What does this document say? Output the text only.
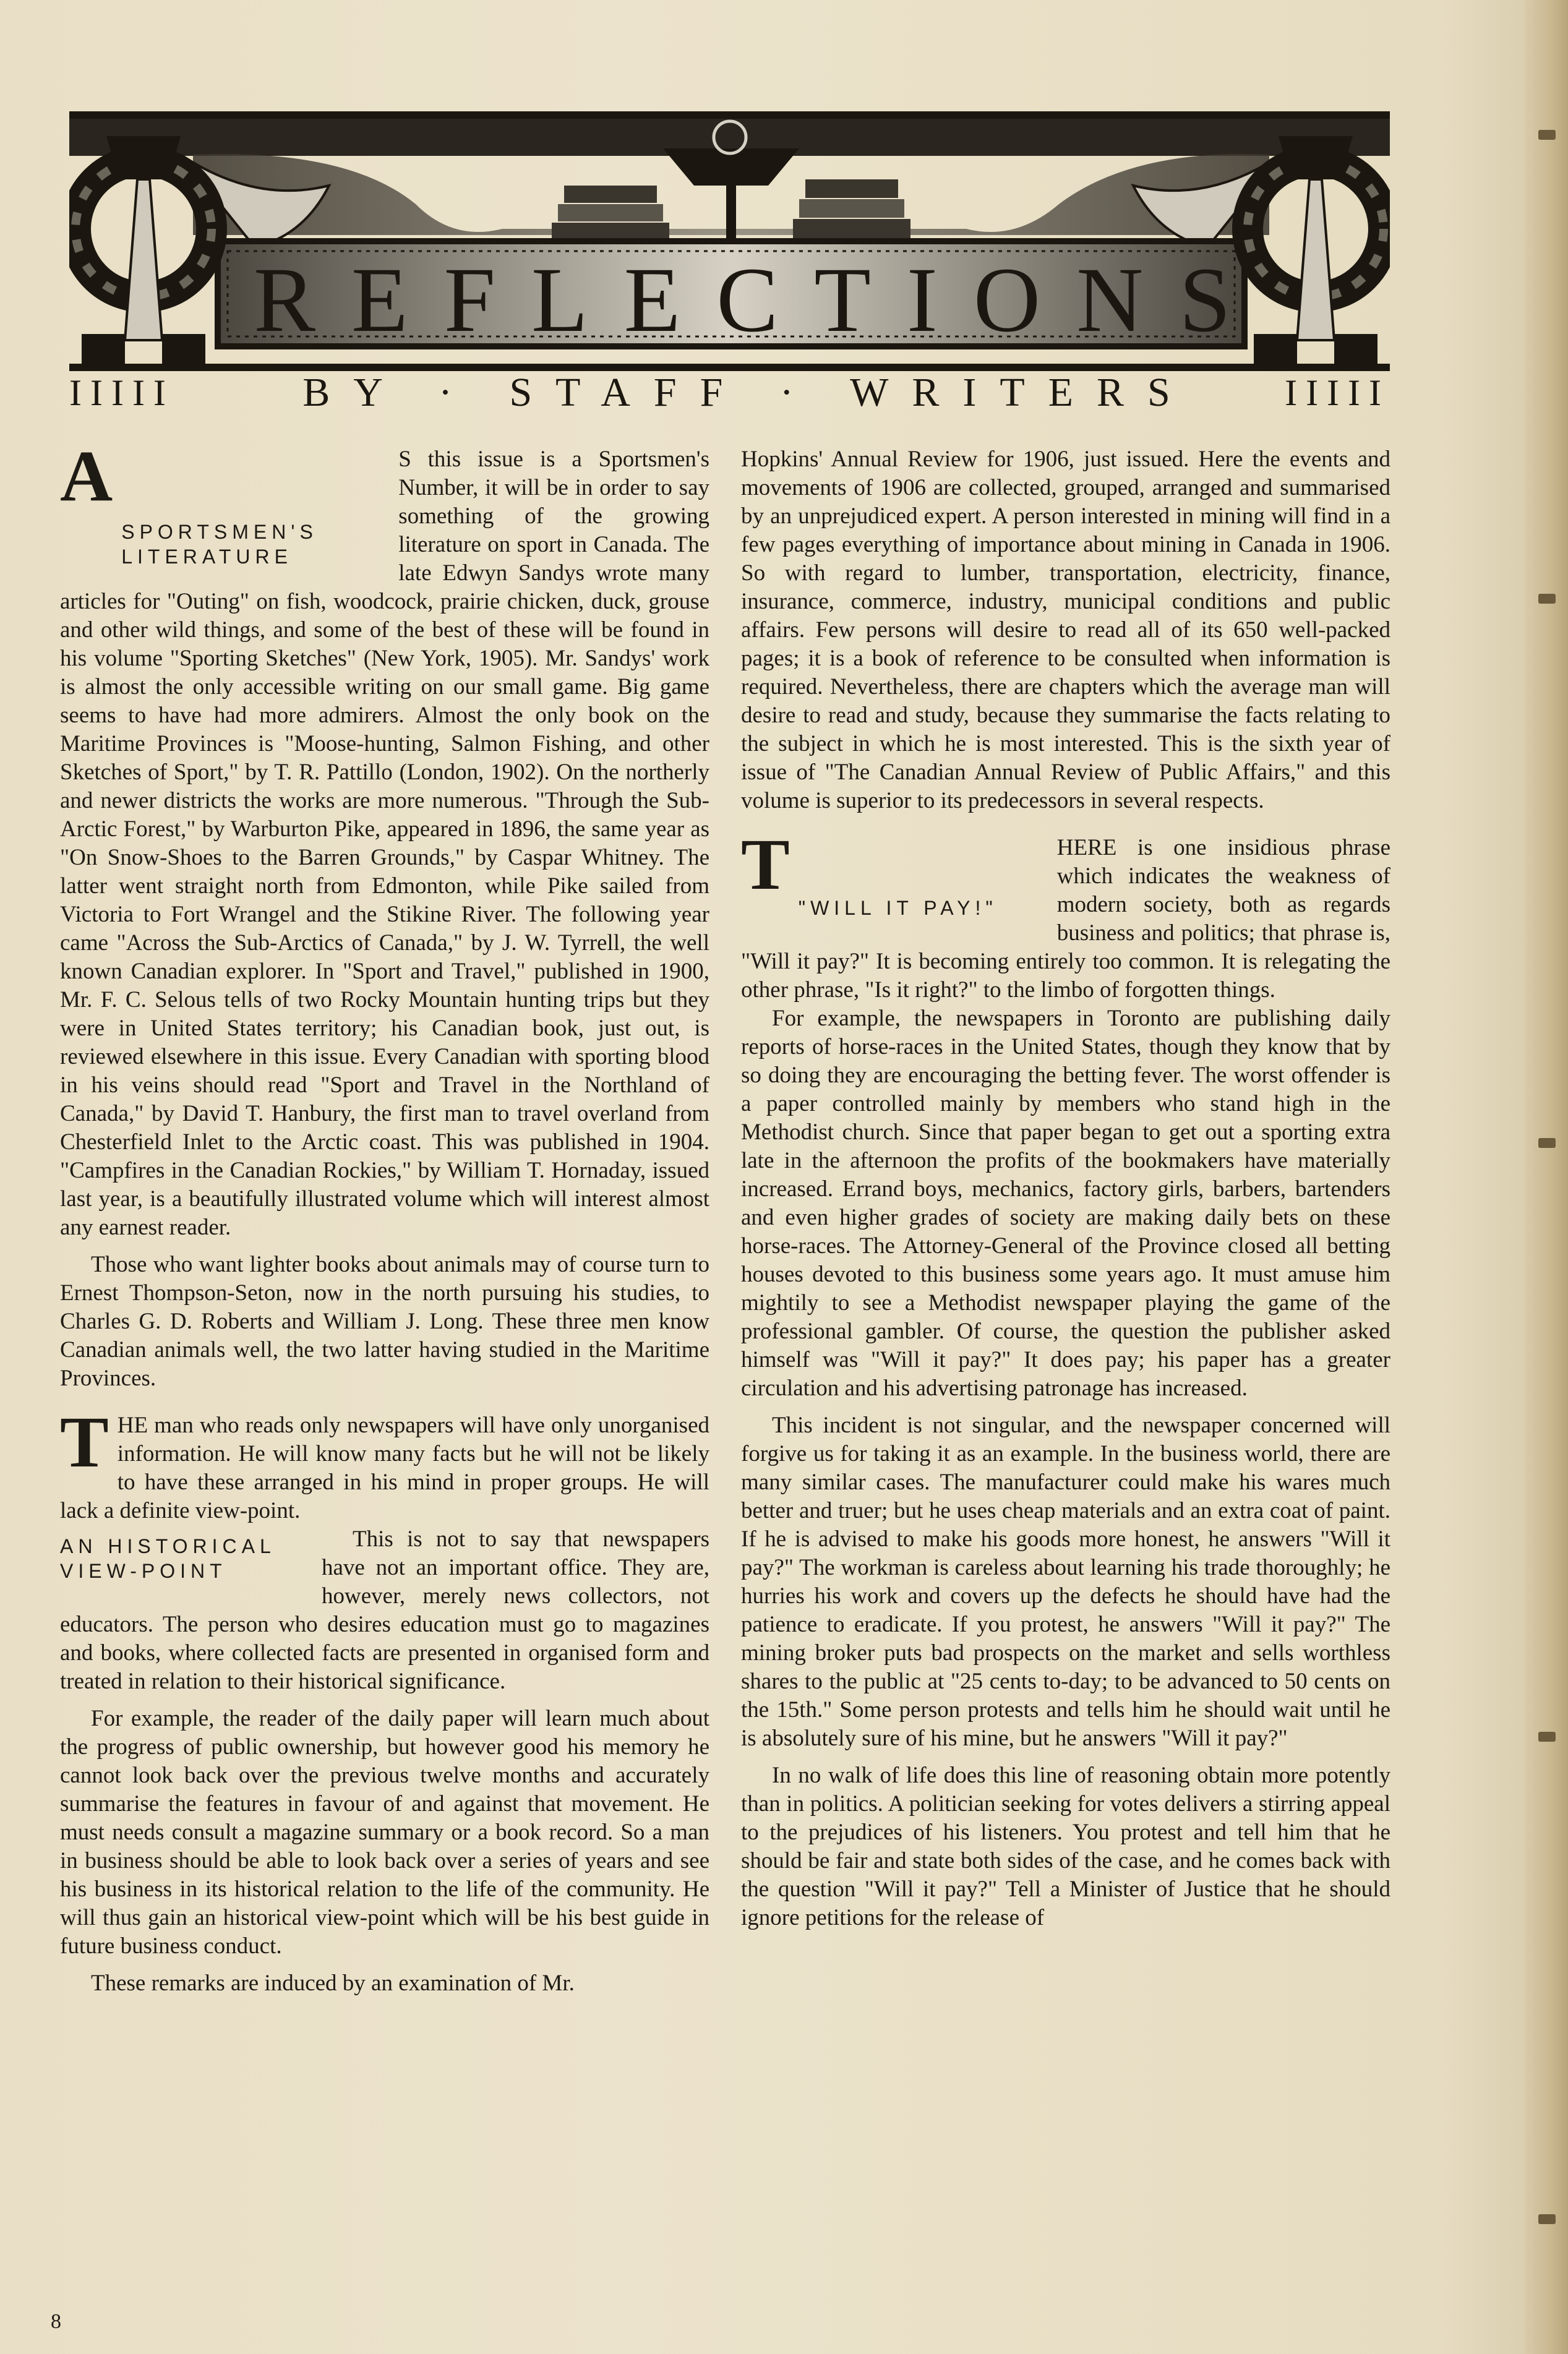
R E F L E C T I O N S
IIIII	BY · STAFF · WRITERS	IIIII
A

SPORTSMEN'S LITERATURE
S this issue is a Sportsmen's Number, it will be in order to say something of the growing literature on sport in Canada. The late Edwyn Sandys wrote many articles for "Outing" on fish, woodcock, prairie chicken, duck, grouse and other wild things, and some of the best of these will be found in his volume "Sporting Sketches" (New York, 1905). Mr. Sandys' work is almost the only accessible writing on our small game. Big game seems to have had more admirers. Almost the only book on the Maritime Provinces is "Moose-hunting, Salmon Fishing, and other Sketches of Sport," by T. R. Pattillo (London, 1902). On the northerly and newer districts the works are more numerous. "Through the Sub-Arctic Forest," by Warburton Pike, appeared in 1896, the same year as "On Snow-Shoes to the Barren Grounds," by Caspar Whitney. The latter went straight north from Edmonton, while Pike sailed from Victoria to Fort Wrangel and the Stikine River. The following year came "Across the Sub-Arctics of Canada," by J. W. Tyrrell, the well known Canadian explorer. In "Sport and Travel," published in 1900, Mr. F. C. Selous tells of two Rocky Mountain hunting trips but they were in United States territory; his Canadian book, just out, is reviewed elsewhere in this issue. Every Canadian with sporting blood in his veins should read "Sport and Travel in the Northland of Canada," by David T. Hanbury, the first man to travel overland from Chesterfield Inlet to the Arctic coast. This was published in 1904. "Campfires in the Canadian Rockies," by William T. Hornaday, issued last year, is a beautifully illustrated volume which will interest almost any earnest reader.

Those who want lighter books about animals may of course turn to Ernest Thompson-Seton, now in the north pursuing his studies, to Charles G. D. Roberts and William J. Long. These three men know Canadian animals well, the two latter having studied in the Maritime Provinces.

T HE man who reads only newspapers will have only unorganised information. He will know many facts but he will not be likely to have these arranged in his mind in proper groups. He will lack a definite view-point.

AN HISTORICAL VIEW-POINT
This is not to say that newspapers have not an important office. They are, however, merely news collectors, not educators. The person who desires education must go to magazines and books, where collected facts are presented in organised form and treated in relation to their historical significance.

For example, the reader of the daily paper will learn much about the progress of public ownership, but however good his memory he cannot look back over the previous twelve months and accurately summarise the features in favour of and against that movement. He must needs consult a magazine summary or a book record. So a man in business should be able to look back over a series of years and see his business in its historical relation to the life of the community. He will thus gain an historical view-point which will be his best guide in future business conduct.

These remarks are induced by an examination of Mr.

Hopkins' Annual Review for 1906, just issued. Here the events and movements of 1906 are collected, grouped, arranged and summarised by an unprejudiced expert. A person interested in mining will find in a few pages everything of importance about mining in Canada in 1906. So with regard to lumber, transportation, electricity, finance, insurance, commerce, industry, municipal conditions and public affairs. Few persons will desire to read all of its 650 well-packed pages; it is a book of reference to be consulted when information is required. Nevertheless, there are chapters which the average man will desire to read and study, because they summarise the facts relating to the subject in which he is most interested. This is the sixth year of issue of "The Canadian Annual Review of Public Affairs," and this volume is superior to its predecessors in several respects.

T

"WILL IT PAY!"
HERE is one insidious phrase which indicates the weakness of modern society, both as regards business and politics; that phrase is, "Will it pay?" It is becoming entirely too common. It is relegating the other phrase, "Is it right?" to the limbo of forgotten things.

For example, the newspapers in Toronto are publishing daily reports of horse-races in the United States, though they know that by so doing they are encouraging the betting fever. The worst offender is a paper controlled mainly by members who stand high in the Methodist church. Since that paper began to get out a sporting extra late in the afternoon the profits of the bookmakers have materially increased. Errand boys, mechanics, factory girls, barbers, bartenders and even higher grades of society are making daily bets on these horse-races. The Attorney-General of the Province closed all betting houses devoted to this business some years ago. It must amuse him mightily to see a Methodist newspaper playing the game of the professional gambler. Of course, the question the publisher asked himself was "Will it pay?" It does pay; his paper has a greater circulation and his advertising patronage has increased.

This incident is not singular, and the newspaper concerned will forgive us for taking it as an example. In the business world, there are many similar cases. The manufacturer could make his wares much better and truer; but he uses cheap materials and an extra coat of paint. If he is advised to make his goods more honest, he answers "Will it pay?" The workman is careless about learning his trade thoroughly; he hurries his work and covers up the defects he should have had the patience to eradicate. If you protest, he answers "Will it pay?" The mining broker puts bad prospects on the market and sells worthless shares to the public at "25 cents to-day; to be advanced to 50 cents on the 15th." Some person protests and tells him he should wait until he is absolutely sure of his mine, but he answers "Will it pay?"

In no walk of life does this line of reasoning obtain more potently than in politics. A politician seeking for votes delivers a stirring appeal to the prejudices of his listeners. You protest and tell him that he should be fair and state both sides of the case, and he comes back with the question "Will it pay?" Tell a Minister of Justice that he should ignore petitions for the release of

8
